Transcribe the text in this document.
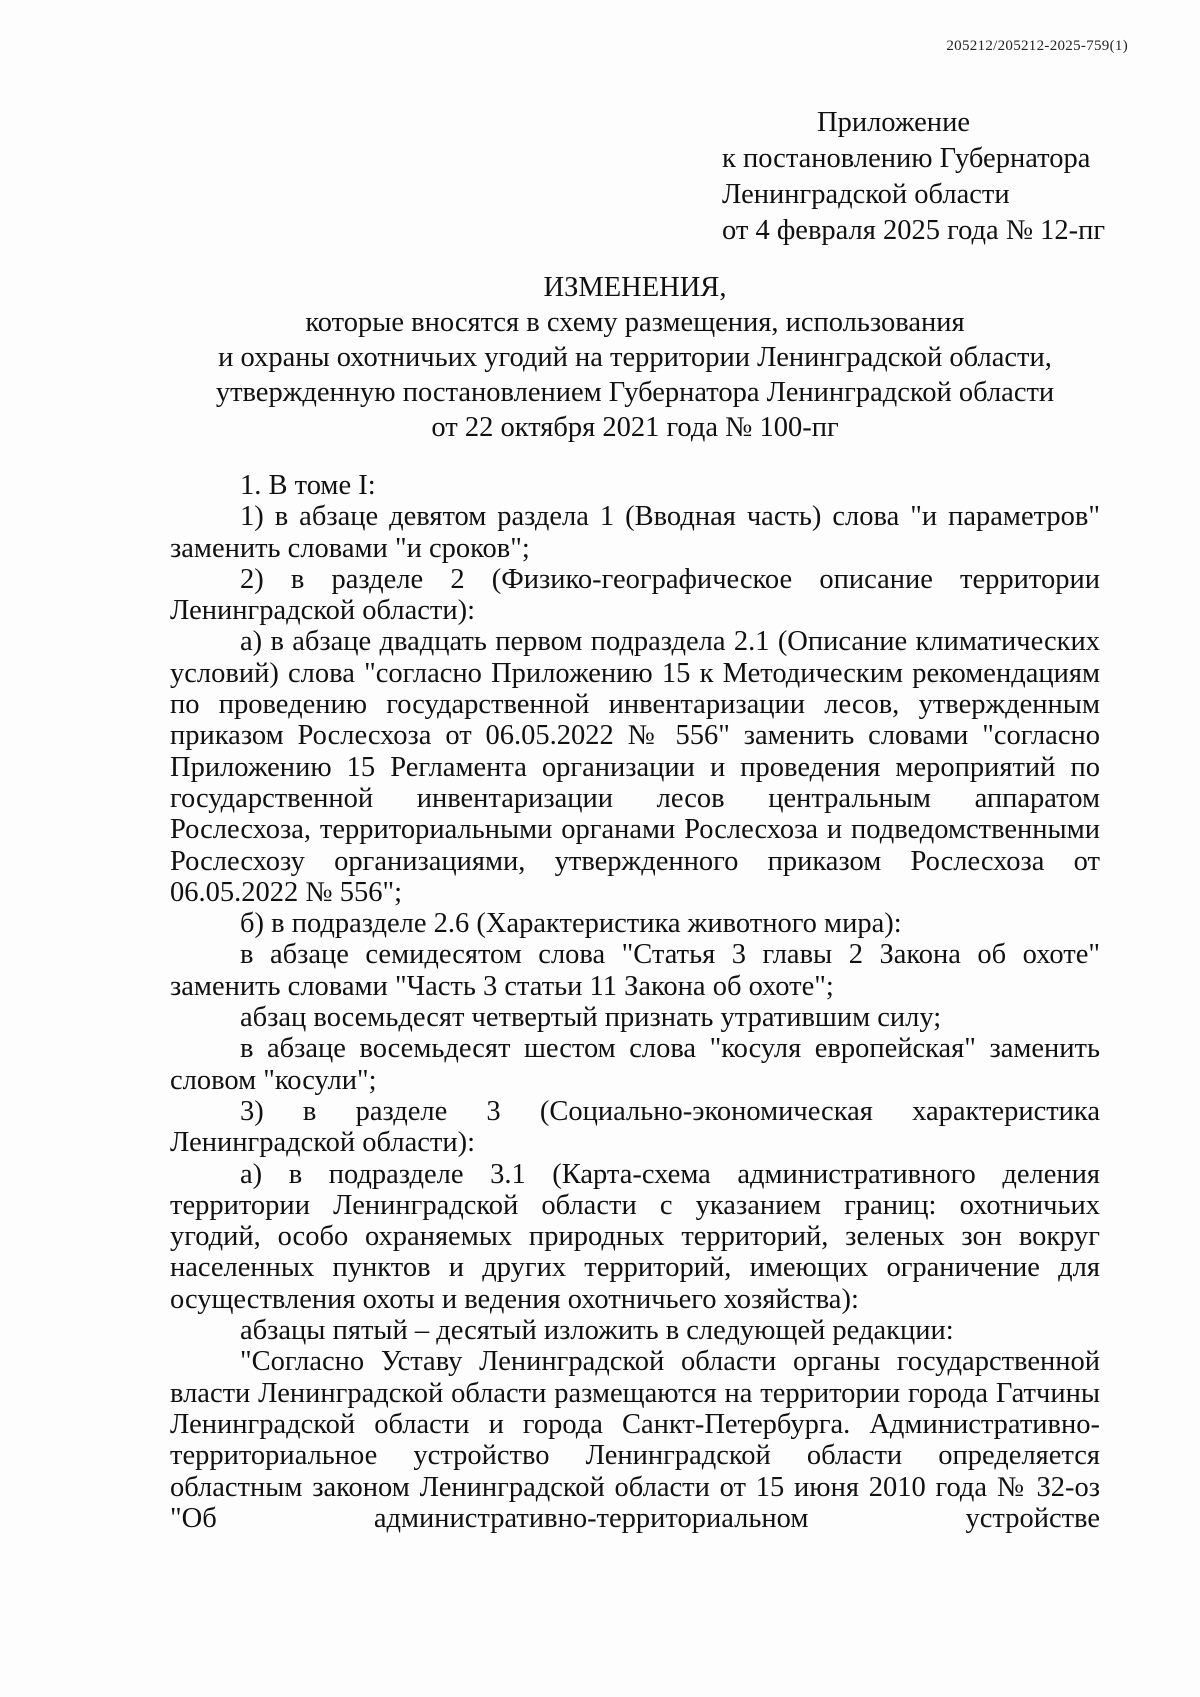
205212/205212-2025-759(1)
Приложение
к постановлению Губернатора
Ленинградской области
от 4 февраля 2025 года № 12-пг
ИЗМЕНЕНИЯ,
которые вносятся в схему размещения, использования
и охраны охотничьих угодий на территории Ленинградской области,
утвержденную постановлением Губернатора Ленинградской области
от 22 октября 2021 года № 100-пг

1. В томе I:

1) в абзаце девятом раздела 1 (Вводная часть) слова "и параметров" заменить словами "и сроков";

2) в разделе 2 (Физико-географическое описание территории Ленинградской области):

а) в абзаце двадцать первом подраздела 2.1 (Описание климатических условий) слова "согласно Приложению 15 к Методическим рекомендациям по проведению государственной инвентаризации лесов, утвержденным приказом Рослесхоза от 06.05.2022 № 556" заменить словами "согласно Приложению 15 Регламента организации и проведения мероприятий по государственной инвентаризации лесов центральным аппаратом Рослесхоза, территориальными органами Рослесхоза и подведомственными Рослесхозу организациями, утвержденного приказом Рослесхоза от 06.05.2022 № 556";

б) в подразделе 2.6 (Характеристика животного мира):

в абзаце семидесятом слова "Статья 3 главы 2 Закона об охоте" заменить словами "Часть 3 статьи 11 Закона об охоте";

абзац восемьдесят четвертый признать утратившим силу;

в абзаце восемьдесят шестом слова "косуля европейская" заменить словом "косули";

3) в разделе 3 (Социально-экономическая характеристика Ленинградской области):

а) в подразделе 3.1 (Карта-схема административного деления территории Ленинградской области с указанием границ: охотничьих угодий, особо охраняемых природных территорий, зеленых зон вокруг населенных пунктов и других территорий, имеющих ограничение для осуществления охоты и ведения охотничьего хозяйства):

абзацы пятый – десятый изложить в следующей редакции:

"Согласно Уставу Ленинградской области органы государственной власти Ленинградской области размещаются на территории города Гатчины Ленинградской области и города Санкт-Петербурга. Административно-территориальное устройство Ленинградской области определяется областным законом Ленинградской области от 15 июня 2010 года № 32-оз "Об административно-территориальном устройстве
